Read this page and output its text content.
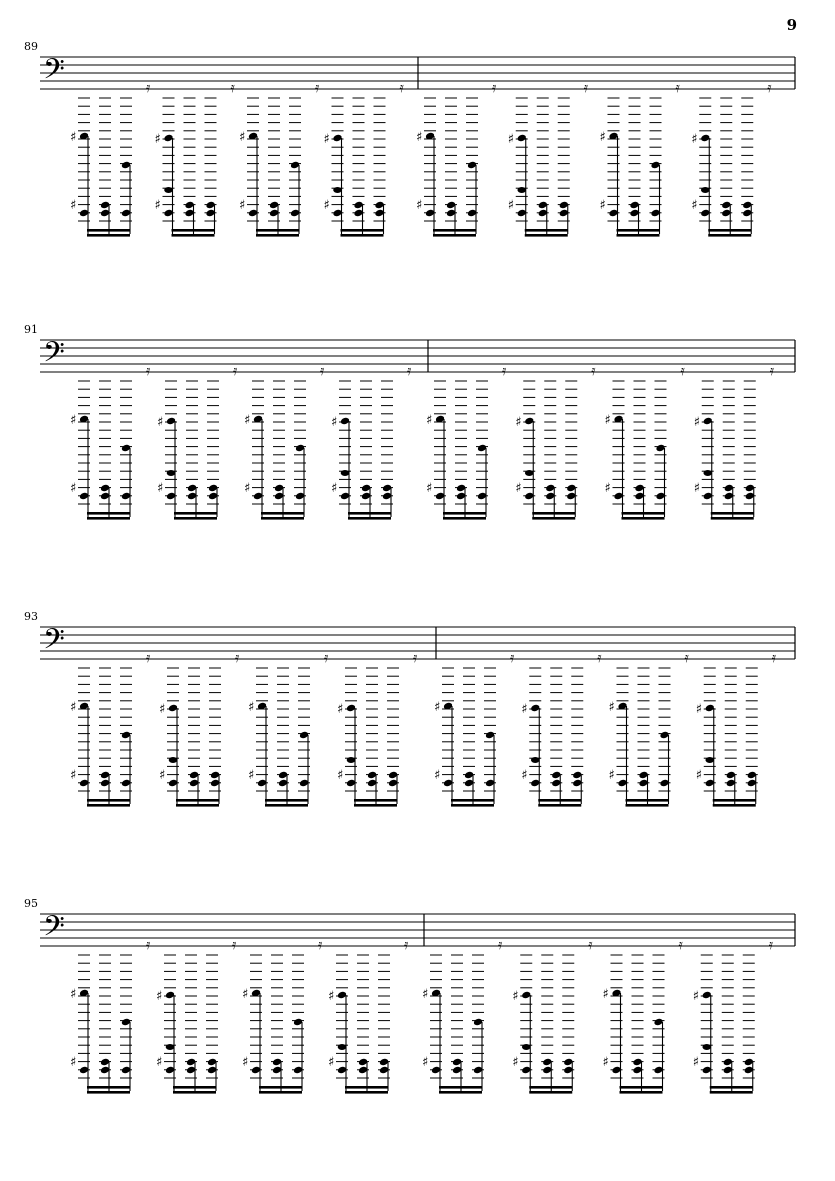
9
89
𝄢	𝄿
♯
♯
𝄿
♯
♯
𝄿
♯
♯
𝄿
♯
♯
𝄿
♯
♯
𝄿
♯
♯
𝄿
♯
♯
𝄿
♯
♯
91
𝄢	𝄿
♯
♯
𝄿
♯
♯
𝄿
♯
♯
𝄿
♯
♯
𝄿
♯
♯
𝄿
♯
♯
𝄿
♯
♯
𝄿
♯
♯
93
𝄢	𝄿
♯
♯
𝄿
♯
♯
𝄿
♯
♯
𝄿
♯
♯
𝄿
♯
♯
𝄿
♯
♯
𝄿
♯
♯
𝄿
♯
♯
95
𝄢	𝄿
♯
♯
𝄿
♯
♯
𝄿
♯
♯
𝄿
♯
♯
𝄿
♯
♯
𝄿
♯
♯
𝄿
♯
♯
𝄿
♯
♯
